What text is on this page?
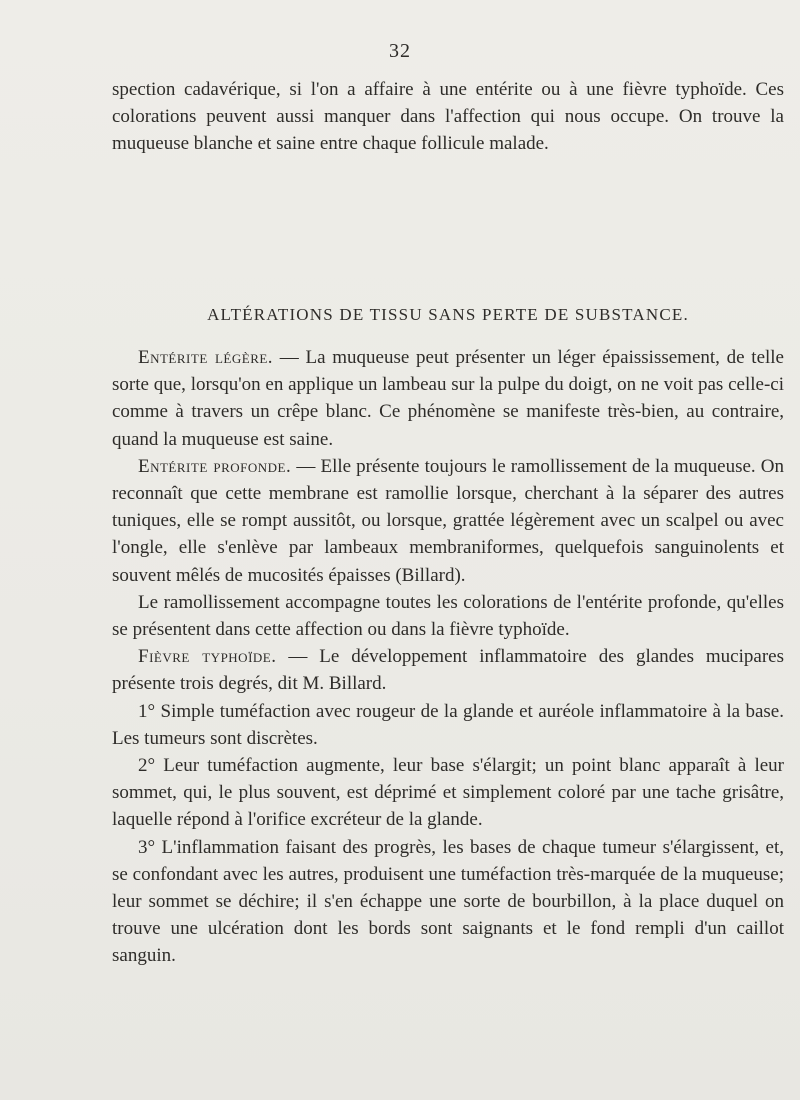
32

spection cadavérique, si l'on a affaire à une entérite ou à une fièvre typhoïde. Ces colorations peuvent aussi manquer dans l'affection qui nous occupe. On trouve la muqueuse blanche et saine entre chaque follicule malade.

ALTÉRATIONS DE TISSU SANS PERTE DE SUBSTANCE.

Entérite légère. — La muqueuse peut présenter un léger épaississement, de telle sorte que, lorsqu'on en applique un lambeau sur la pulpe du doigt, on ne voit pas celle-ci comme à travers un crêpe blanc. Ce phénomène se manifeste très-bien, au contraire, quand la muqueuse est saine.

Entérite profonde. — Elle présente toujours le ramollissement de la muqueuse. On reconnaît que cette membrane est ramollie lorsque, cherchant à la séparer des autres tuniques, elle se rompt aussitôt, ou lorsque, grattée légèrement avec un scalpel ou avec l'ongle, elle s'enlève par lambeaux membraniformes, quelquefois sanguinolents et souvent mêlés de mucosités épaisses (Billard).

Le ramollissement accompagne toutes les colorations de l'entérite profonde, qu'elles se présentent dans cette affection ou dans la fièvre typhoïde.

Fièvre typhoïde. — Le développement inflammatoire des glandes mucipares présente trois degrés, dit M. Billard.

1° Simple tuméfaction avec rougeur de la glande et auréole inflammatoire à la base. Les tumeurs sont discrètes.

2° Leur tuméfaction augmente, leur base s'élargit; un point blanc apparaît à leur sommet, qui, le plus souvent, est déprimé et simplement coloré par une tache grisâtre, laquelle répond à l'orifice excréteur de la glande.

3° L'inflammation faisant des progrès, les bases de chaque tumeur s'élargissent, et, se confondant avec les autres, produisent une tuméfaction très-marquée de la muqueuse; leur sommet se déchire; il s'en échappe une sorte de bourbillon, à la place duquel on trouve une ulcération dont les bords sont saignants et le fond rempli d'un caillot sanguin.
